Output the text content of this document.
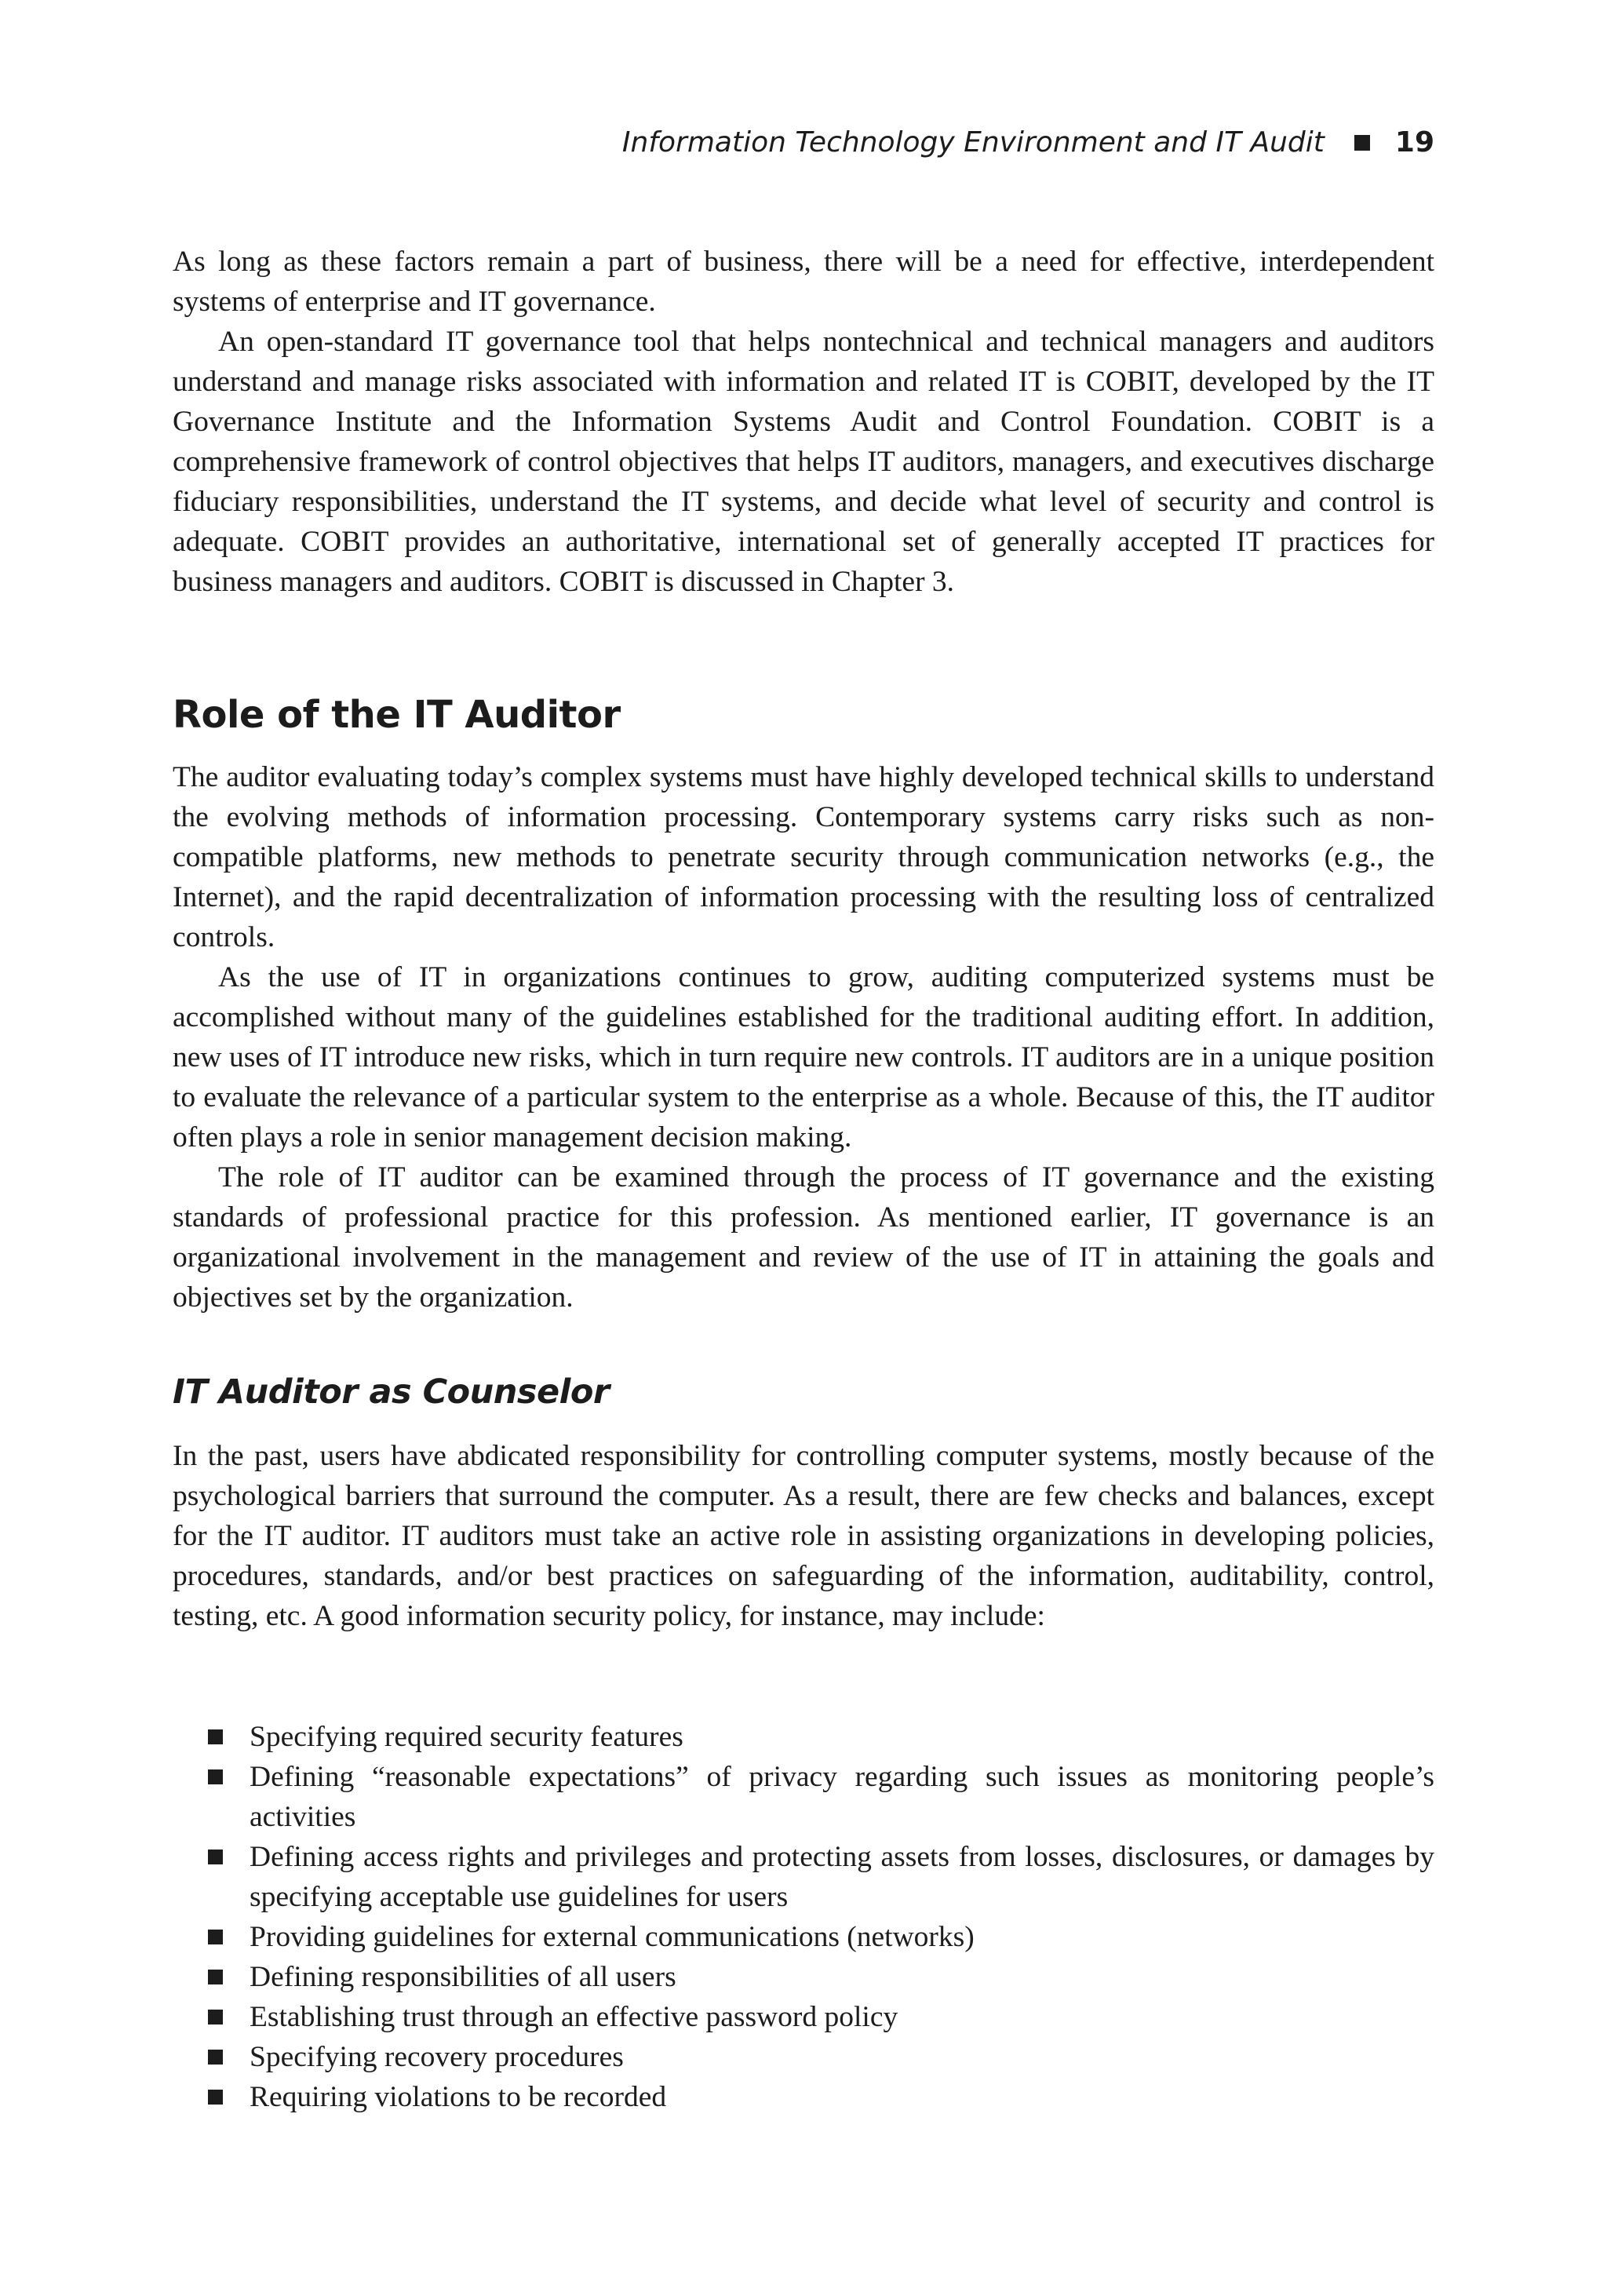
Information Technology Environment and IT Audit	19

As long as these factors remain a part of business, there will be a need for effective, interdependent systems of enterprise and IT governance.

An open-standard IT governance tool that helps nontechnical and technical managers and auditors understand and manage risks associated with information and related IT is COBIT, developed by the IT Governance Institute and the Information Systems Audit and Control Foundation. COBIT is a comprehensive framework of control objectives that helps IT auditors, managers, and executives discharge fiduciary responsibilities, understand the IT systems, and decide what level of security and control is adequate. COBIT provides an authoritative, international set of generally accepted IT practices for business managers and auditors. COBIT is discussed in Chapter 3.

Role of the IT Auditor

The auditor evaluating today’s complex systems must have highly developed technical skills to understand the evolving methods of information processing. Contemporary systems carry risks such as non-compatible platforms, new methods to penetrate security through communication networks (e.g., the Internet), and the rapid decentralization of information processing with the resulting loss of centralized controls.

As the use of IT in organizations continues to grow, auditing computerized systems must be accomplished without many of the guidelines established for the traditional auditing effort. In addition, new uses of IT introduce new risks, which in turn require new controls. IT auditors are in a unique position to evaluate the relevance of a particular system to the enterprise as a whole. Because of this, the IT auditor often plays a role in senior management decision making.

The role of IT auditor can be examined through the process of IT governance and the existing standards of professional practice for this profession. As mentioned earlier, IT governance is an organizational involvement in the management and review of the use of IT in attaining the goals and objectives set by the organization.

IT Auditor as Counselor

In the past, users have abdicated responsibility for controlling computer systems, mostly because of the psychological barriers that surround the computer. As a result, there are few checks and balances, except for the IT auditor. IT auditors must take an active role in assisting organizations in developing policies, procedures, standards, and/or best practices on safeguarding of the information, auditability, control, testing, etc. A good information security policy, for instance, may include:

Specifying required security features
Defining “reasonable expectations” of privacy regarding such issues as monitoring people’s activities
Defining access rights and privileges and protecting assets from losses, disclosures, or damages by specifying acceptable use guidelines for users
Providing guidelines for external communications (networks)
Defining responsibilities of all users
Establishing trust through an effective password policy
Specifying recovery procedures
Requiring violations to be recorded
